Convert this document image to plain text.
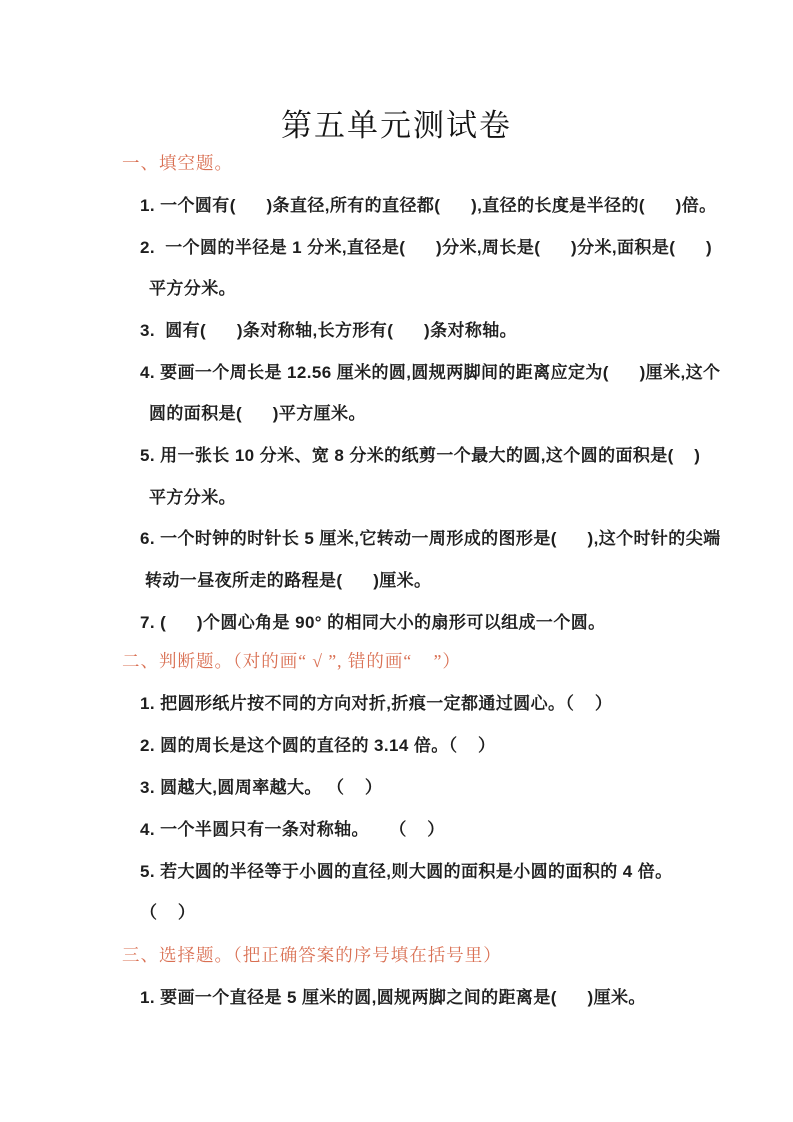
第五单元测试卷
一、填空题。
1. 一个圆有(      )条直径,所有的直径都(      ),直径的长度是半径的(      )倍。
2.  一个圆的半径是 1 分米,直径是(      )分米,周长是(      )分米,面积是(      )
平方分米。
3.  圆有(      )条对称轴,长方形有(      )条对称轴。
4. 要画一个周长是 12.56 厘米的圆,圆规两脚间的距离应定为(      )厘米,这个
圆的面积是(      )平方厘米。
5. 用一张长 10 分米、宽 8 分米的纸剪一个最大的圆,这个圆的面积是(    )
平方分米。
6. 一个时钟的时针长 5 厘米,它转动一周形成的图形是(      ),这个时针的尖端
转动一昼夜所走的路程是(      )厘米。
7. (      )个圆心角是 90° 的相同大小的扇形可以组成一个圆。
二、判断题。（对的画“ √ ”, 错的画“    ”）
1. 把圆形纸片按不同的方向对折,折痕一定都通过圆心。（    ）
2. 圆的周长是这个圆的直径的 3.14 倍。（    ）
3. 圆越大,圆周率越大。 （    ）
4. 一个半圆只有一条对称轴。    （    ）
5. 若大圆的半径等于小圆的直径,则大圆的面积是小圆的面积的 4 倍。
（    ）
三、选择题。（把正确答案的序号填在括号里）
1. 要画一个直径是 5 厘米的圆,圆规两脚之间的距离是(      )厘米。
